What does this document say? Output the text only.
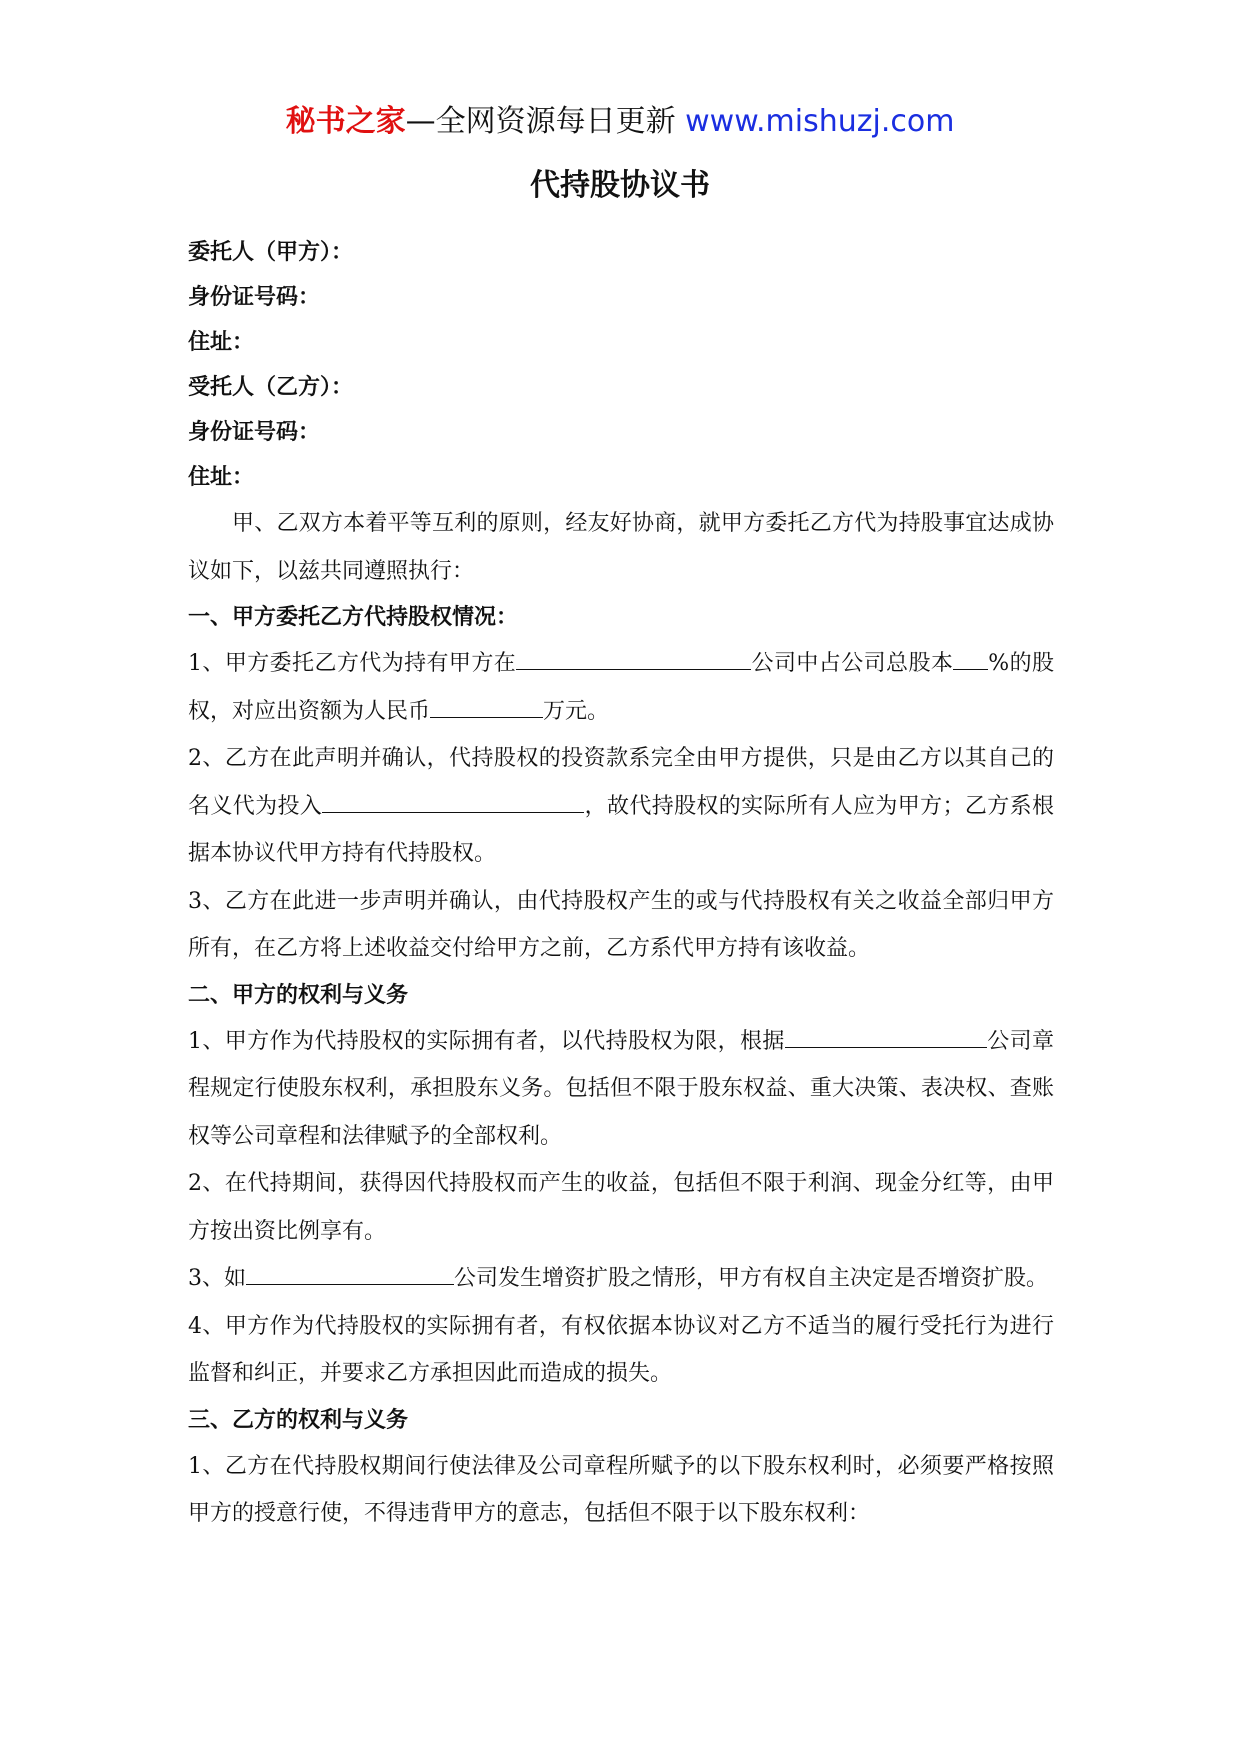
秘书之家—全网资源每日更新 www.mishuzj.com
代持股协议书
委托人（甲方）：
身份证号码：
住址：
受托人（乙方）：
身份证号码：
住址：

甲、乙双方本着平等互利的原则，经友好协商，就甲方委托乙方代为持股事宜达成协议如下，以兹共同遵照执行：

一、甲方委托乙方代持股权情况：

1、甲方委托乙方代为持有甲方在	公司中占公司总股本 %的股权，对应出资额为人民币	万元。

2、乙方在此声明并确认，代持股权的投资款系完全由甲方提供，只是由乙方以其自己的名义代为投入	，故代持股权的实际所有人应为甲方；乙方系根据本协议代甲方持有代持股权。

3、乙方在此进一步声明并确认，由代持股权产生的或与代持股权有关之收益全部归甲方所有，在乙方将上述收益交付给甲方之前，乙方系代甲方持有该收益。

二、甲方的权利与义务

1、甲方作为代持股权的实际拥有者，以代持股权为限，根据	公司章程规定行使股东权利，承担股东义务。包括但不限于股东权益、重大决策、表决权、查账权等公司章程和法律赋予的全部权利。

2、在代持期间，获得因代持股权而产生的收益，包括但不限于利润、现金分红等，由甲方按出资比例享有。

3、如	公司发生增资扩股之情形，甲方有权自主决定是否增资扩股。

4、甲方作为代持股权的实际拥有者，有权依据本协议对乙方不适当的履行受托行为进行监督和纠正，并要求乙方承担因此而造成的损失。

三、乙方的权利与义务

1、乙方在代持股权期间行使法律及公司章程所赋予的以下股东权利时，必须要严格按照甲方的授意行使，不得违背甲方的意志，包括但不限于以下股东权利：
